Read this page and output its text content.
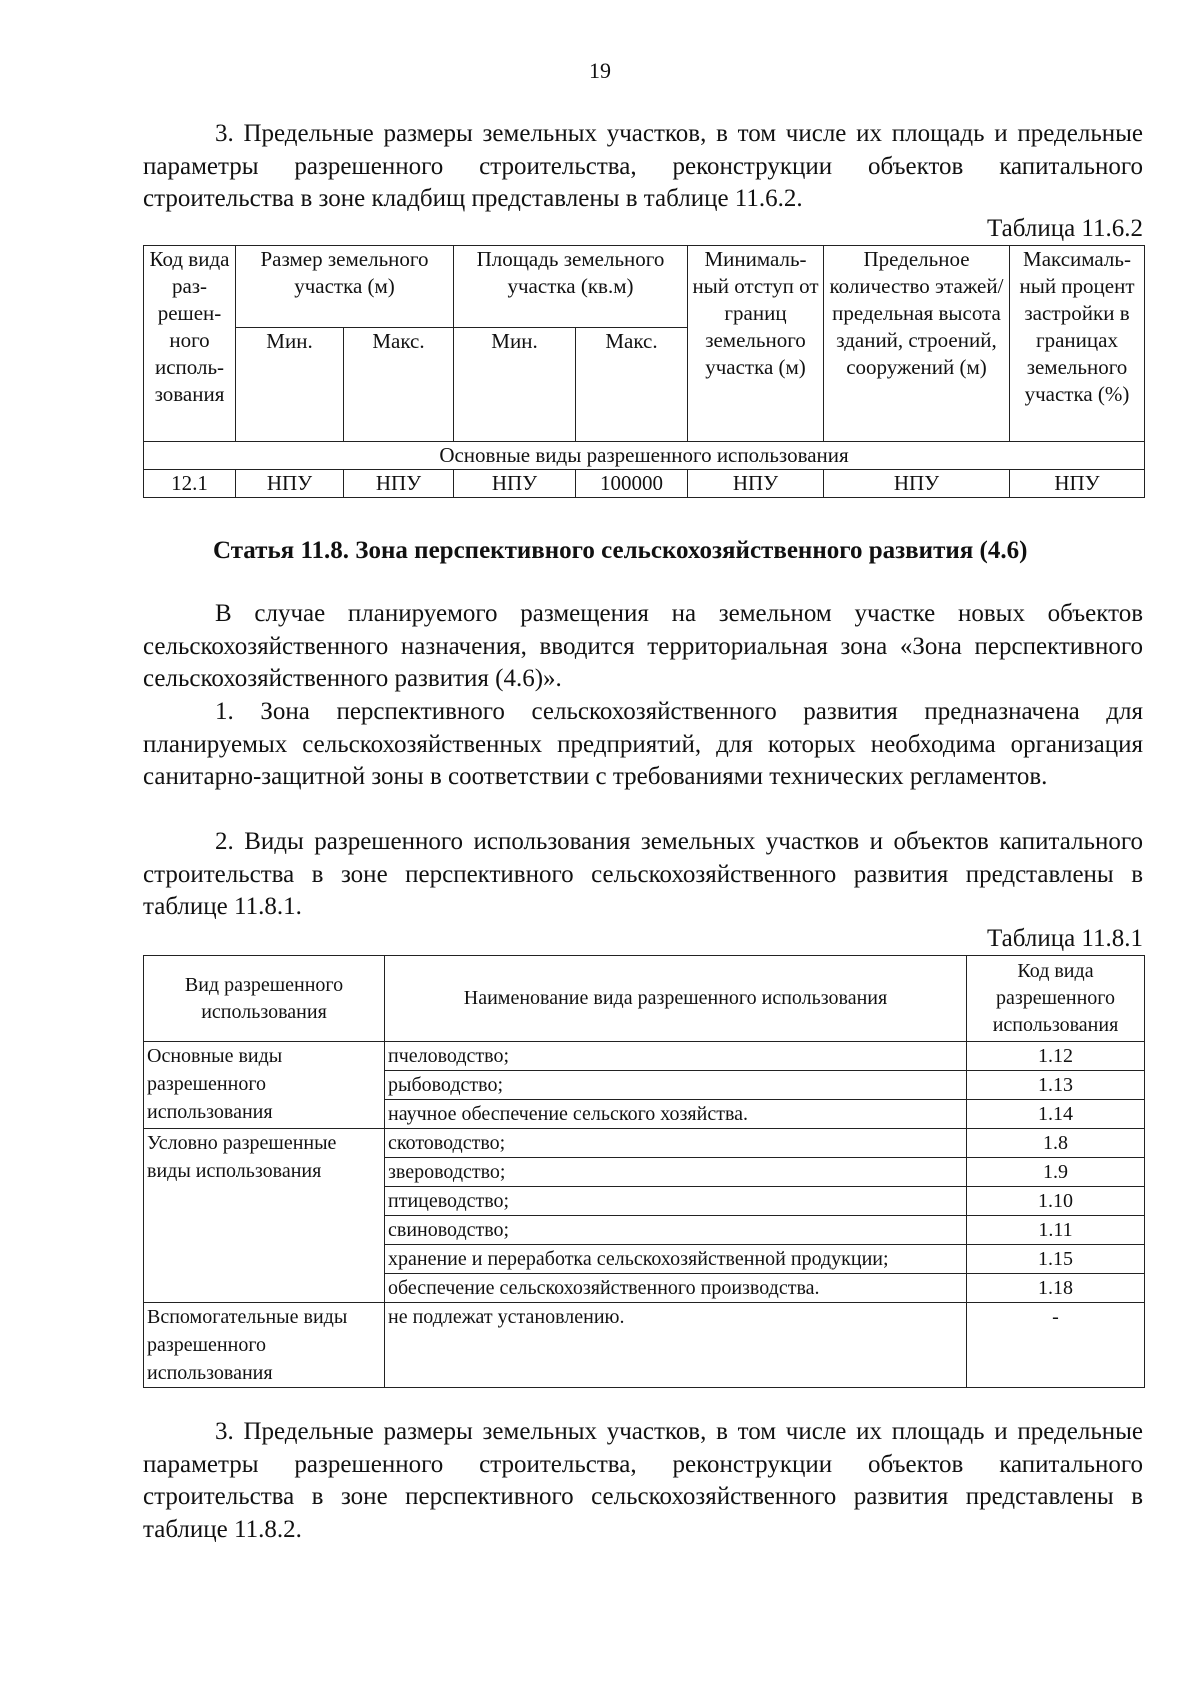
19

3. Предельные размеры земельных участков, в том числе их площадь и предельные параметры разрешенного строительства, реконструкции объектов капитального строительства в зоне кладбищ представлены в таблице 11.6.2.

Таблица 11.6.2
Код вида раз-решен-ного исполь-зования	Размер земельного участка (м)		Площадь земельного участка (кв.м)		Минималь-ный отступ от границ земельного участка (м)	Предельное количество этажей/ предельная высота зданий, строений, сооружений (м)	Максималь-ный процент застройки в границах земельного участка (%)
	Мин.	Макс.	Мин.	Макс.			
Основные виды разрешенного использования							
12.1	НПУ	НПУ	НПУ	100000	НПУ	НПУ	НПУ
Статья 11.8. Зона перспективного сельскохозяйственного развития (4.6)

В случае планируемого размещения на земельном участке новых объектов сельскохозяйственного назначения, вводится территориальная зона «Зона перспективного сельскохозяйственного развития (4.6)».

1. Зона перспективного сельскохозяйственного развития предназначена для планируемых сельскохозяйственных предприятий, для которых необходима организация санитарно-защитной зоны в соответствии с требованиями технических регламентов.

2. Виды разрешенного использования земельных участков и объектов капитального строительства в зоне перспективного сельскохозяйственного развития представлены в таблице 11.8.1.

Таблица 11.8.1
Вид разрешенного использования	Наименование вида разрешенного использования	Код вида разрешенного использования
Основные виды разрешенного использования	пчеловодство;	1.12
	рыбоводство;	1.13
	научное обеспечение сельского хозяйства.	1.14
Условно разрешенные виды использования	скотоводство;	1.8
	звероводство;	1.9
	птицеводство;	1.10
	свиноводство;	1.11
	хранение и переработка сельскохозяйственной продукции;	1.15
	обеспечение сельскохозяйственного производства.	1.18
Вспомогательные виды разрешенного использования	не подлежат установлению.	-

3. Предельные размеры земельных участков, в том числе их площадь и предельные параметры разрешенного строительства, реконструкции объектов капитального строительства в зоне перспективного сельскохозяйственного развития представлены в таблице 11.8.2.
